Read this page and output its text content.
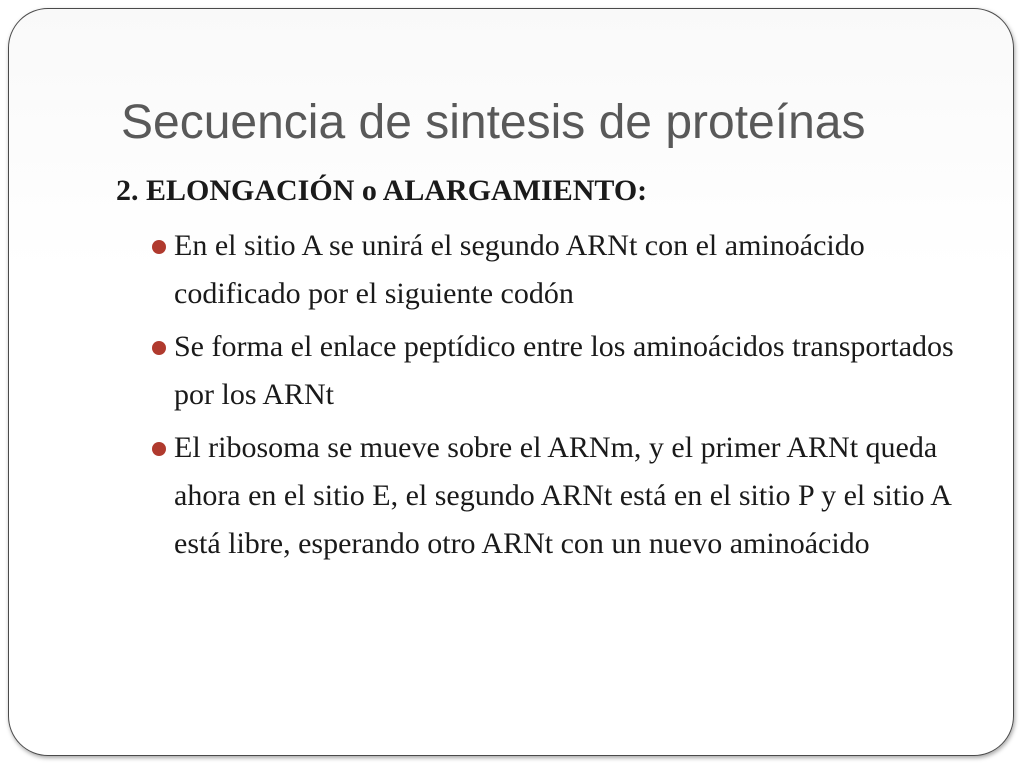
Secuencia de sintesis de proteínas

2. ELONGACIÓN o ALARGAMIENTO:

En el sitio A se unirá el segundo ARNt con el aminoácido codificado por el siguiente codón
Se forma el enlace peptídico entre los aminoácidos transportados por los ARNt
El ribosoma se mueve sobre el ARNm, y el primer ARNt queda ahora en el sitio E, el segundo ARNt está en el sitio P y el sitio A está libre, esperando otro ARNt con un nuevo aminoácido
